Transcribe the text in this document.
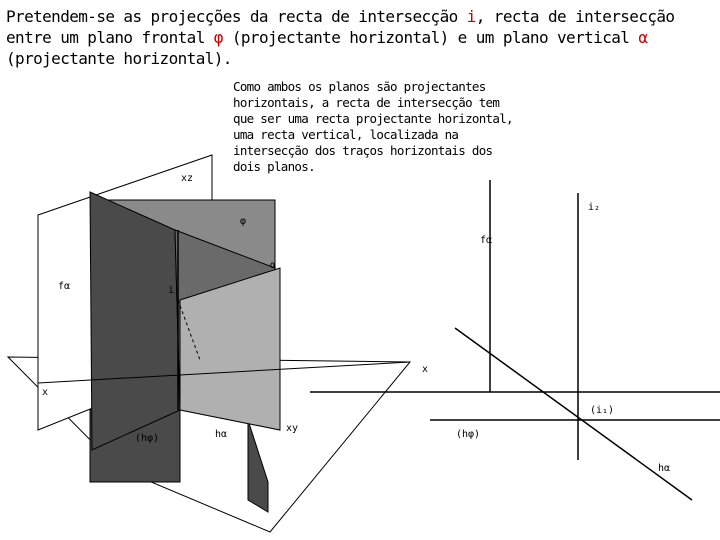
Pretendem-se as projecções da recta de intersecção i, recta de intersecção entre um plano frontal φ (projectante horizontal) e um plano vertical α (projectante horizontal).

Como ambos os planos são projectantes horizontais, a recta de intersecção tem que ser uma recta projectante horizontal, uma recta vertical, localizada na intersecção dos traços horizontais dos dois planos.
xz
φ
α
fα	i
x
(hφ)	hα
xy
i₂
fα
x
(i₁)
(hφ)
hα
